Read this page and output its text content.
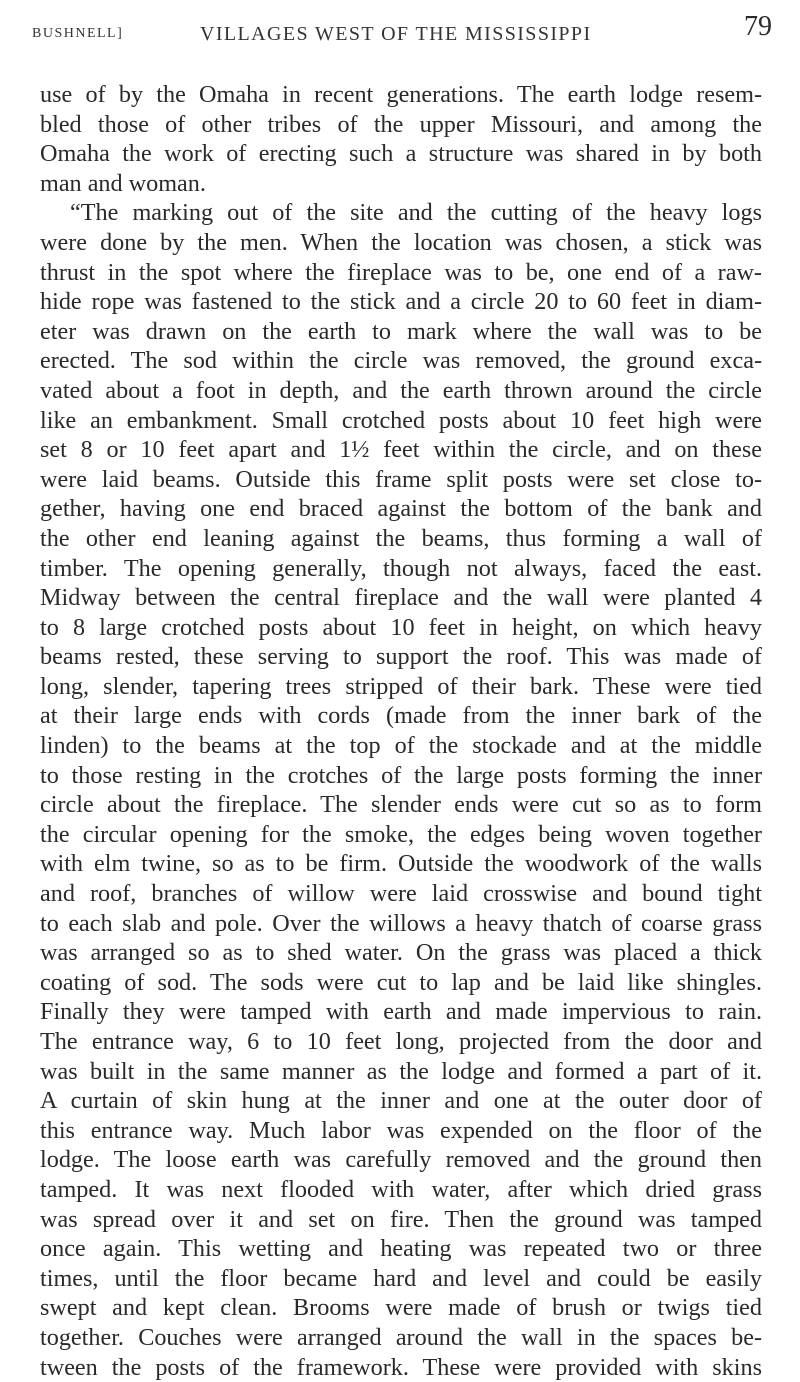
BUSHNELL]	VILLAGES WEST OF THE MISSISSIPPI	79
use of by the Omaha in recent generations. The earth lodge resem-
bled those of other tribes of the upper Missouri, and among the
Omaha the work of erecting such a structure was shared in by both
man and woman.
“The marking out of the site and the cutting of the heavy logs
were done by the men. When the location was chosen, a stick was
thrust in the spot where the fireplace was to be, one end of a raw-
hide rope was fastened to the stick and a circle 20 to 60 feet in diam-
eter was drawn on the earth to mark where the wall was to be
erected. The sod within the circle was removed, the ground exca-
vated about a foot in depth, and the earth thrown around the circle
like an embankment. Small crotched posts about 10 feet high were
set 8 or 10 feet apart and 1½ feet within the circle, and on these
were laid beams. Outside this frame split posts were set close to-
gether, having one end braced against the bottom of the bank and
the other end leaning against the beams, thus forming a wall of
timber. The opening generally, though not always, faced the east.
Midway between the central fireplace and the wall were planted 4
to 8 large crotched posts about 10 feet in height, on which heavy
beams rested, these serving to support the roof. This was made of
long, slender, tapering trees stripped of their bark. These were tied
at their large ends with cords (made from the inner bark of the
linden) to the beams at the top of the stockade and at the middle
to those resting in the crotches of the large posts forming the inner
circle about the fireplace. The slender ends were cut so as to form
the circular opening for the smoke, the edges being woven together
with elm twine, so as to be firm. Outside the woodwork of the walls
and roof, branches of willow were laid crosswise and bound tight
to each slab and pole. Over the willows a heavy thatch of coarse grass
was arranged so as to shed water. On the grass was placed a thick
coating of sod. The sods were cut to lap and be laid like shingles.
Finally they were tamped with earth and made impervious to rain.
The entrance way, 6 to 10 feet long, projected from the door and
was built in the same manner as the lodge and formed a part of it.
A curtain of skin hung at the inner and one at the outer door of
this entrance way. Much labor was expended on the floor of the
lodge. The loose earth was carefully removed and the ground then
tamped. It was next flooded with water, after which dried grass
was spread over it and set on fire. Then the ground was tamped
once again. This wetting and heating was repeated two or three
times, until the floor became hard and level and could be easily
swept and kept clean. Brooms were made of brush or twigs tied
together. Couches were arranged around the wall in the spaces be-
tween the posts of the framework. These were provided with skins
